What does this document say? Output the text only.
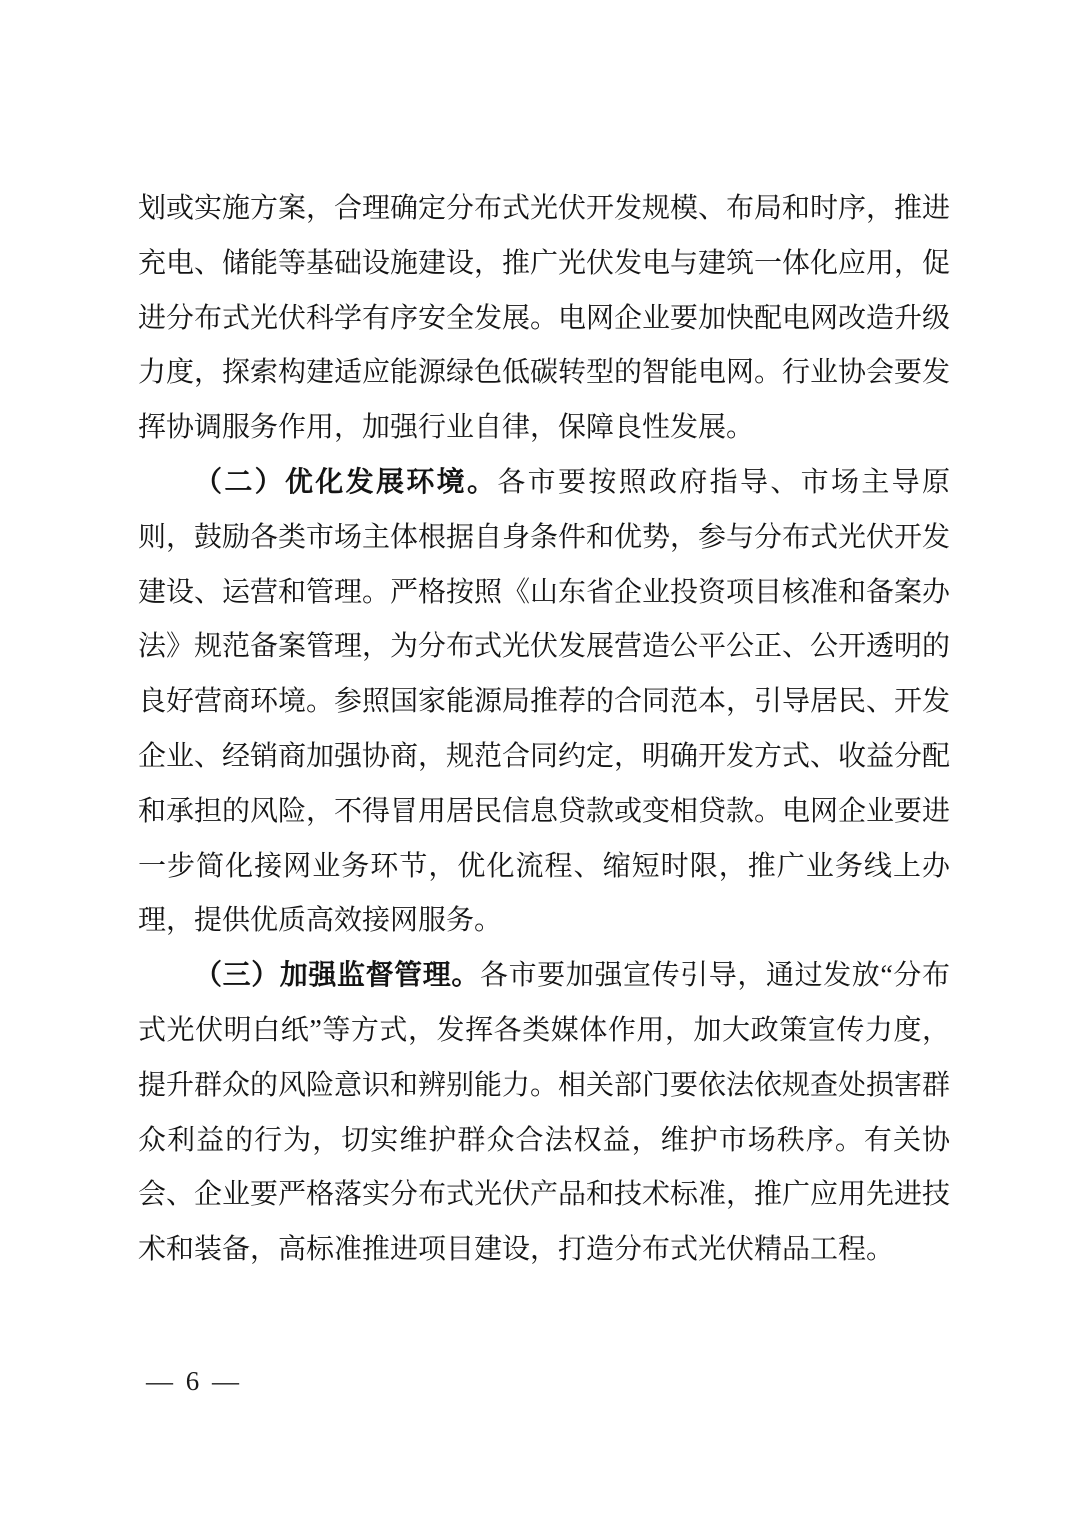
划或实施方案，合理确定分布式光伏开发规模、布局和时序，推进充电、储能等基础设施建设，推广光伏发电与建筑一体化应用，促进分布式光伏科学有序安全发展。电网企业要加快配电网改造升级力度，探索构建适应能源绿色低碳转型的智能电网。行业协会要发挥协调服务作用，加强行业自律，保障良性发展。

（二）优化发展环境。各市要按照政府指导、市场主导原则，鼓励各类市场主体根据自身条件和优势，参与分布式光伏开发建设、运营和管理。严格按照《山东省企业投资项目核准和备案办法》规范备案管理，为分布式光伏发展营造公平公正、公开透明的良好营商环境。参照国家能源局推荐的合同范本，引导居民、开发企业、经销商加强协商，规范合同约定，明确开发方式、收益分配和承担的风险，不得冒用居民信息贷款或变相贷款。电网企业要进一步简化接网业务环节，优化流程、缩短时限，推广业务线上办理，提供优质高效接网服务。

（三）加强监督管理。各市要加强宣传引导，通过发放“分布式光伏明白纸”等方式，发挥各类媒体作用，加大政策宣传力度，提升群众的风险意识和辨别能力。相关部门要依法依规查处损害群众利益的行为，切实维护群众合法权益，维护市场秩序。有关协会、企业要严格落实分布式光伏产品和技术标准，推广应用先进技术和装备，高标准推进项目建设，打造分布式光伏精品工程。

— 6 —
